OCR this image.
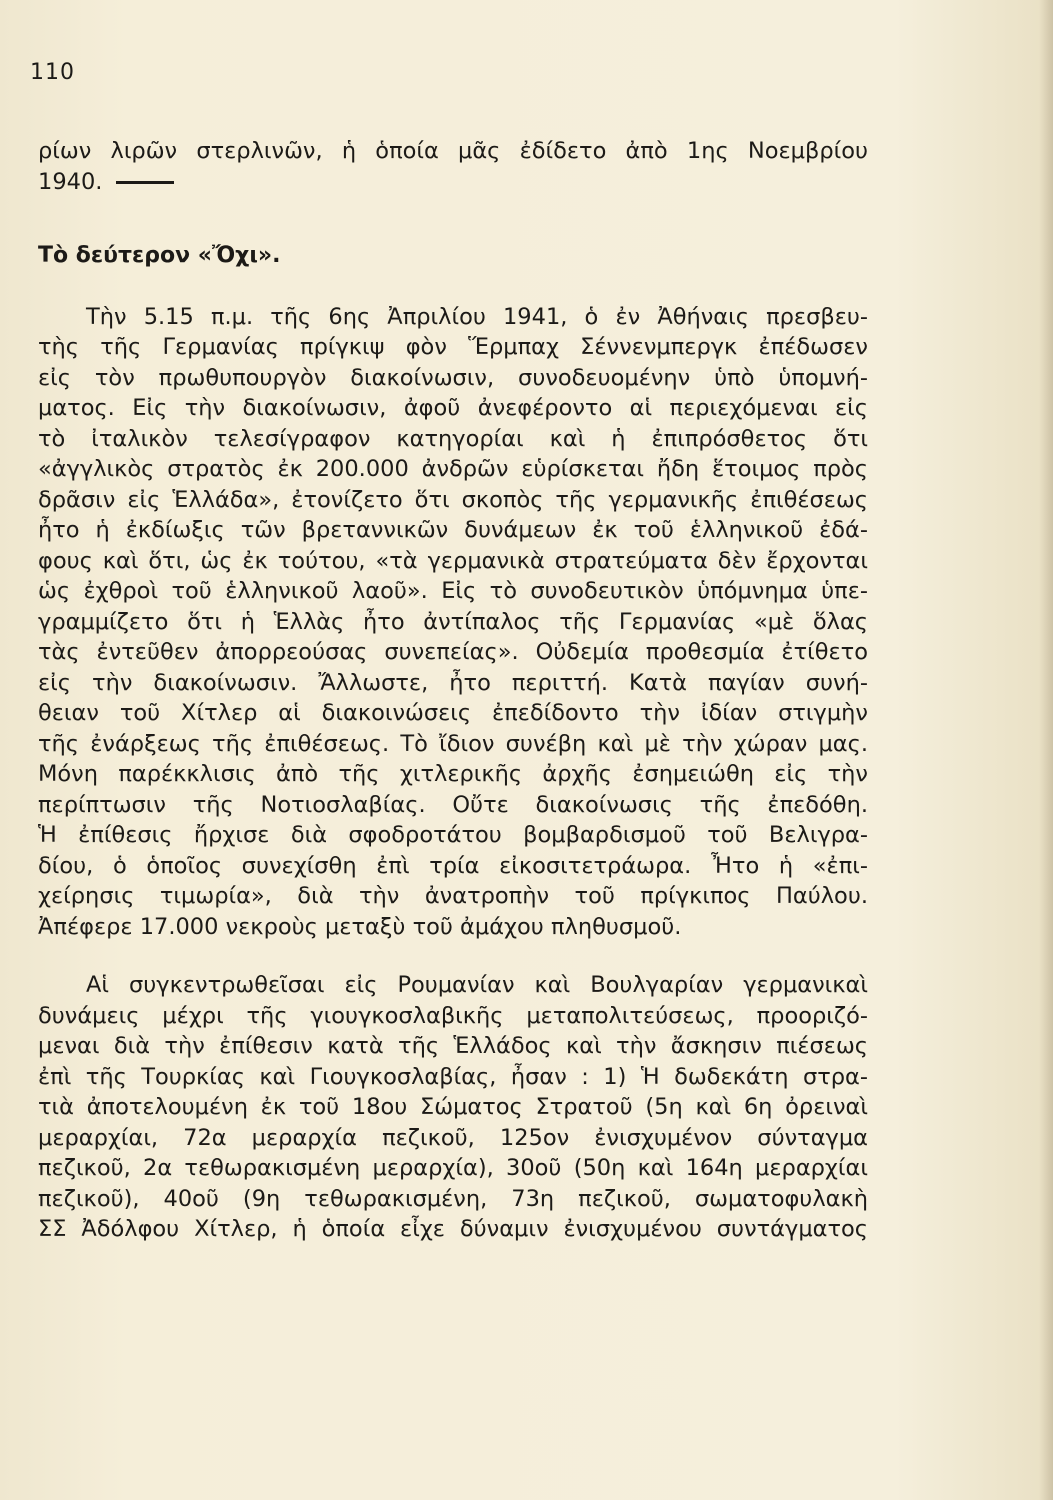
110

ρίων λιρῶν στερλινῶν, ἡ ὁποία μᾶς ἐδίδετο ἀπὸ 1ης Νοεμβρίου
1940.

Τὸ δεύτερον «Ὄχι».

Τὴν 5.15 π.μ. τῆς 6ης Ἀπριλίου 1941, ὁ ἐν Ἀθήναις πρεσβευ-
τὴς τῆς Γερμανίας πρίγκιψ φὸν Ἕρμπαχ Σέννενμπεργκ ἐπέδωσεν
εἰς τὸν πρωθυπουργὸν διακοίνωσιν, συνοδευομένην ὑπὸ ὑπομνή-
ματος. Εἰς τὴν διακοίνωσιν, ἀφοῦ ἀνεφέροντο αἱ περιεχόμεναι εἰς
τὸ ἰταλικὸν τελεσίγραφον κατηγορίαι καὶ ἡ ἐπιπρόσθετος ὅτι
«ἀγγλικὸς στρατὸς ἐκ 200.000 ἀνδρῶν εὑρίσκεται ἤδη ἕτοιμος πρὸς
δρᾶσιν εἰς Ἑλλάδα», ἐτονίζετο ὅτι σκοπὸς τῆς γερμανικῆς ἐπιθέσεως
ἦτο ἡ ἐκδίωξις τῶν βρεταννικῶν δυνάμεων ἐκ τοῦ ἑλληνικοῦ ἐδά-
φους καὶ ὅτι, ὡς ἐκ τούτου, «τὰ γερμανικὰ στρατεύματα δὲν ἔρχονται
ὡς ἐχθροὶ τοῦ ἑλληνικοῦ λαοῦ». Εἰς τὸ συνοδευτικὸν ὑπόμνημα ὑπε-
γραμμίζετο ὅτι ἡ Ἑλλὰς ἦτο ἀντίπαλος τῆς Γερμανίας «μὲ ὅλας
τὰς ἐντεῦθεν ἀπορρεούσας συνεπείας». Οὐδεμία προθεσμία ἐτίθετο
εἰς τὴν διακοίνωσιν. Ἄλλωστε, ἦτο περιττή. Κατὰ παγίαν συνή-
θειαν τοῦ Χίτλερ αἱ διακοινώσεις ἐπεδίδοντο τὴν ἰδίαν στιγμὴν
τῆς ἐνάρξεως τῆς ἐπιθέσεως. Τὸ ἴδιον συνέβη καὶ μὲ τὴν χώραν μας.
Μόνη παρέκκλισις ἀπὸ τῆς χιτλερικῆς ἀρχῆς ἐσημειώθη εἰς τὴν
περίπτωσιν τῆς Νοτιοσλαβίας. Οὔτε διακοίνωσις τῆς ἐπεδόθη.
Ἡ ἐπίθεσις ἤρχισε διὰ σφοδροτάτου βομβαρδισμοῦ τοῦ Βελιγρα-
δίου, ὁ ὁποῖος συνεχίσθη ἐπὶ τρία εἰκοσιτετράωρα. Ἦτο ἡ «ἐπι-
χείρησις τιμωρία», διὰ τὴν ἀνατροπὴν τοῦ πρίγκιπος Παύλου.
Ἀπέφερε 17.000 νεκροὺς μεταξὺ τοῦ ἀμάχου πληθυσμοῦ.

Αἱ συγκεντρωθεῖσαι εἰς Ρουμανίαν καὶ Βουλγαρίαν γερμανικαὶ
δυνάμεις μέχρι τῆς γιουγκοσλαβικῆς μεταπολιτεύσεως, προοριζό-
μεναι διὰ τὴν ἐπίθεσιν κατὰ τῆς Ἑλλάδος καὶ τὴν ἄσκησιν πιέσεως
ἐπὶ τῆς Τουρκίας καὶ Γιουγκοσλαβίας, ἦσαν : 1) Ἡ δωδεκάτη στρα-
τιὰ ἀποτελουμένη ἐκ τοῦ 18ου Σώματος Στρατοῦ (5η καὶ 6η ὀρειναὶ
μεραρχίαι, 72α μεραρχία πεζικοῦ, 125ον ἐνισχυμένον σύνταγμα
πεζικοῦ, 2α τεθωρακισμένη μεραρχία), 30οῦ (50η καὶ 164η μεραρχίαι
πεζικοῦ), 40οῦ (9η τεθωρακισμένη, 73η πεζικοῦ, σωματοφυλακὴ
ΣΣ Ἀδόλφου Χίτλερ, ἡ ὁποία εἶχε δύναμιν ἐνισχυμένου συντάγματος
